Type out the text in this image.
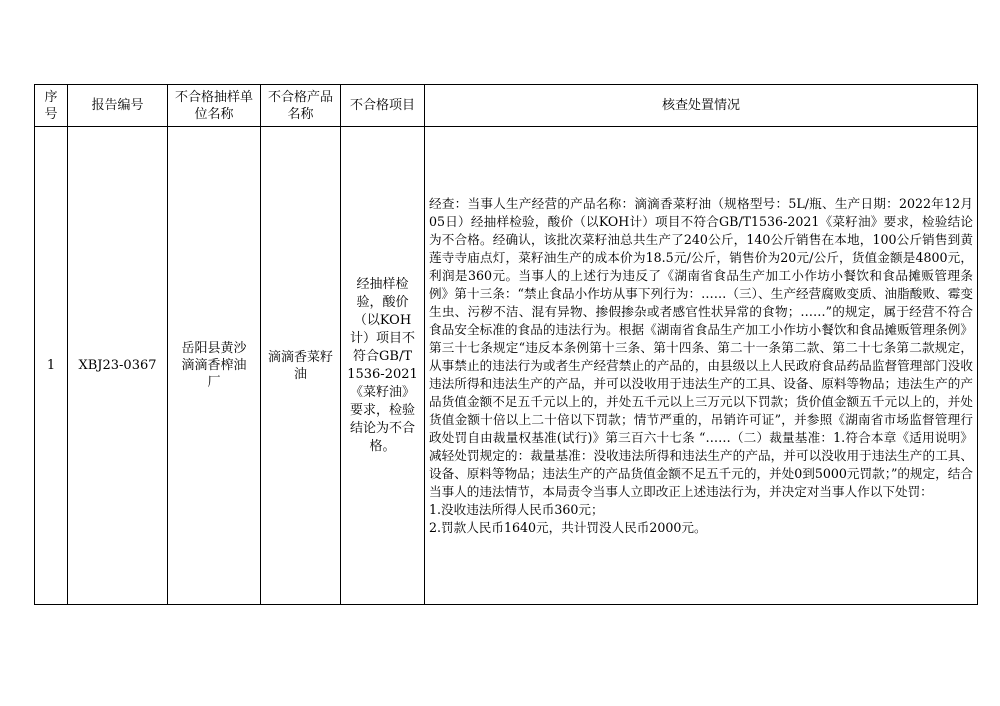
序号	报告编号	不合格抽样单位名称	不合格产品名称	不合格项目	核查处置情况

1	XBJ23-0367	岳阳县黄沙滴滴香榨油厂	滴滴香菜籽油	经抽样检验，酸价（以KOH 计）项目不符合GB/T 1536-2021《菜籽油》要求，检验结论为不合格。	经查：当事人生产经营的产品名称：滴滴香菜籽油（规格型号：5L/瓶、生产日期：2022年12月05日）经抽样检验，酸价（以KOH计）项目不符合GB/T1536-2021《菜籽油》要求，检验结论为不合格。经确认，该批次菜籽油总共生产了240公斤，140公斤销售在本地，100公斤销售到黄莲寺寺庙点灯，菜籽油生产的成本价为18.5元/公斤，销售价为20元/公斤，货值金额是4800元，利润是360元。当事人的上述行为违反了《湖南省食品生产加工小作坊小餐饮和食品摊贩管理条例》第十三条：“禁止食品小作坊从事下列行为：……（三）、生产经营腐败变质、油脂酸败、霉变生虫、污秽不洁、混有异物、掺假掺杂或者感官性状异常的食物；……”的规定，属于经营不符合食品安全标准的食品的违法行为。根据《湖南省食品生产加工小作坊小餐饮和食品摊贩管理条例》第三十七条规定“违反本条例第十三条、第十四条、第二十一条第二款、第二十七条第二款规定，从事禁止的违法行为或者生产经营禁止的产品的，由县级以上人民政府食品药品监督管理部门没收违法所得和违法生产的产品，并可以没收用于违法生产的工具、设备、原料等物品；违法生产的产品货值金额不足五千元以上的，并处五千元以上三万元以下罚款；货价值金额五千元以上的，并处货值金额十倍以上二十倍以下罚款；情节严重的，吊销许可证”，并参照《湖南省市场监督管理行政处罚自由裁量权基准(试行)》第三百六十七条 “……（二）裁量基准：1.符合本章《适用说明》减轻处罚规定的：裁量基准：没收违法所得和违法生产的产品，并可以没收用于违法生产的工具、设备、原料等物品；违法生产的产品货值金额不足五千元的，并处0到5000元罚款；”的规定，结合当事人的违法情节，本局责令当事人立即改正上述违法行为，并决定对当事人作以下处罚：
1.没收违法所得人民币360元；
2.罚款人民币1640元，共计罚没人民币2000元。
